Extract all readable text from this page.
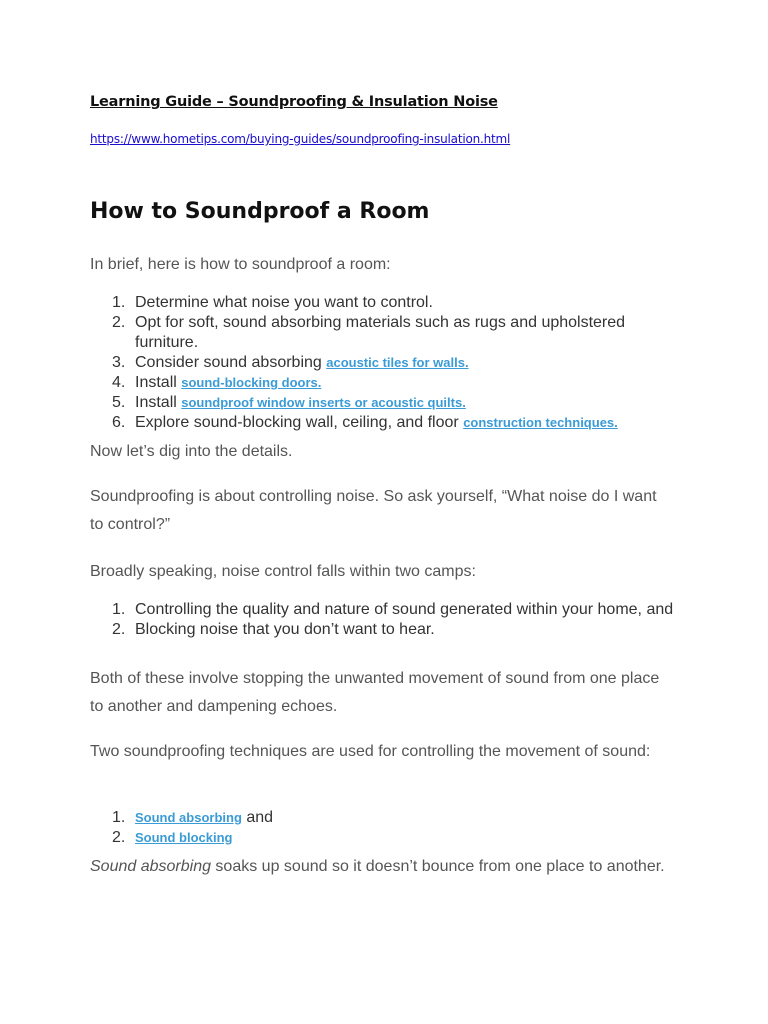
Learning Guide – Soundproofing & Insulation Noise

https://www.hometips.com/buying-guides/soundproofing-insulation.html
How to Soundproof a Room

In brief, here is how to soundproof a room:

1. Determine what noise you want to control.
2. Opt for soft, sound absorbing materials such as rugs and upholstered furniture.
3. Consider sound absorbing acoustic tiles for walls.
4. Install sound-blocking doors.
5. Install soundproof window inserts or acoustic quilts.
6. Explore sound-blocking wall, ceiling, and floor construction techniques.

Now let’s dig into the details.

Soundproofing is about controlling noise. So ask yourself, “What noise do I want to control?”

Broadly speaking, noise control falls within two camps:

1. Controlling the quality and nature of sound generated within your home, and
2. Blocking noise that you don’t want to hear.

Both of these involve stopping the unwanted movement of sound from one place to another and dampening echoes.

Two soundproofing techniques are used for controlling the movement of sound:

1. Sound absorbing and
2. Sound blocking

Sound absorbing soaks up sound so it doesn’t bounce from one place to another.
